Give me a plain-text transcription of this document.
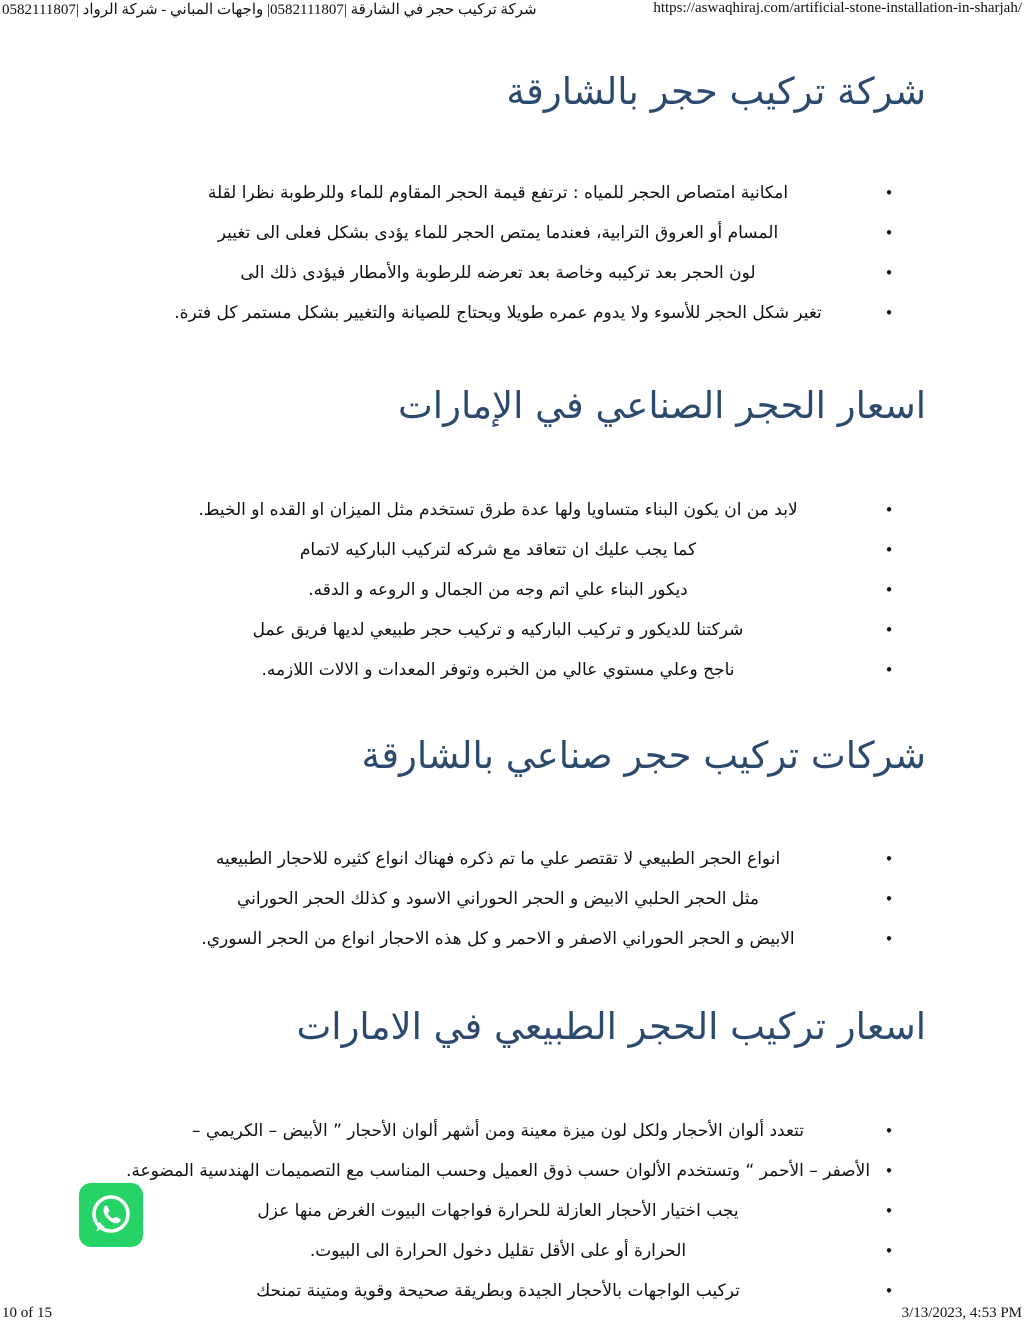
شركة تركيب حجر في الشارقة |0582111807| واجهات المباني - شركة الرواد |0582111807	https://aswaqhiraj.com/artificial-stone-installation-in-sharjah/
شركة تركيب حجر بالشارقة
•
امكانية امتصاص الحجر للمياه : ترتفع قيمة الحجر المقاوم للماء وللرطوبة نظرا لقلة
•
المسام أو العروق الترابية، فعندما يمتص الحجر للماء يؤدى بشكل فعلى الى تغيير
•
لون الحجر بعد تركيبه وخاصة بعد تعرضه للرطوبة والأمطار فيؤدى ذلك الى
•
تغير شكل الحجر للأسوء ولا يدوم عمره طويلا ويحتاج للصيانة والتغيير بشكل مستمر كل فترة.
اسعار الحجر الصناعي في الإمارات
•
لابد من ان يكون البناء متساويا ولها عدة طرق تستخدم مثل الميزان او القده او الخيط.
•
كما يجب عليك ان تتعاقد مع شركه لتركيب الباركيه لاتمام
•
ديكور البناء علي اتم وجه من الجمال و الروعه و الدقه.
•
شركتنا للديكور و تركيب الباركيه و تركيب حجر طبيعي لديها فريق عمل
•
ناجح وعلي مستوي عالي من الخبره وتوفر المعدات و الالات اللازمه.
شركات تركيب حجر صناعي بالشارقة
•
انواع الحجر الطبيعي لا تقتصر علي ما تم ذكره فهناك انواع كثيره للاحجار الطبيعيه
•
مثل الحجر الحلبي الابيض و الحجر الحوراني الاسود و كذلك الحجر الحوراني
•
الابيض و الحجر الحوراني الاصفر و الاحمر و كل هذه الاحجار انواع من الحجر السوري.
اسعار تركيب الحجر الطبيعي في الامارات
•
تتعدد ألوان الأحجار ولكل لون ميزة معينة ومن أشهر ألوان الأحجار ” الأبيض – الكريمي –
•
الأصفر – الأحمر “ وتستخدم الألوان حسب ذوق العميل وحسب المناسب مع التصميمات الهندسية المضوعة.
•
يجب اختيار الأحجار العازلة للحرارة فواجهات البيوت الغرض منها عزل
•
الحرارة أو على الأقل تقليل دخول الحرارة الى البيوت.
•
تركيب الواجهات بالأحجار الجيدة وبطريقة صحيحة وقوية ومتينة تمنحك
10 of 15	3/13/2023, 4:53 PM
